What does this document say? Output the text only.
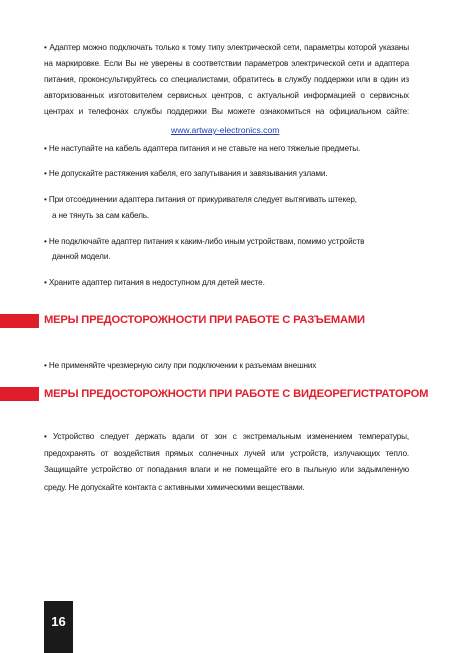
• Адаптер можно подключать только к тому типу электрической сети, параметры которой указаны
на маркировке. Если Вы не уверены в соответствии параметров электрической сети и адаптера
питания, проконсультируйтесь со специалистами, обратитесь в службу поддержки или в один из
авторизованных изготовителем сервисных центров, с актуальной информацией о сервисных
центрах и телефонах службы поддержки Вы можете ознакомиться на официальном сайте:
www.artway-electronics.com
• Не наступайте на кабель адаптера питания и не ставьте на него тяжелые предметы.
• Не допускайте растяжения кабеля, его запутывания и завязывания узлами.
• При отсоединении адаптера питания от прикуривателя следует вытягивать штекер,
а не тянуть за сам кабель.
• Не подключайте адаптер питания к каким-либо иным устройствам, помимо устройств
данной модели.
• Храните адаптер питания в недоступном для детей месте.
МЕРЫ ПРЕДОСТОРОЖНОСТИ ПРИ РАБОТЕ С РАЗЪЕМАМИ
• Не применяйте чрезмерную силу при подключении к разъемам внешних
МЕРЫ ПРЕДОСТОРОЖНОСТИ ПРИ РАБОТЕ С ВИДЕОРЕГИСТРАТОРОМ
• Устройство следует держать вдали от зон с экстремальным изменением температуры,
предохранять от воздействия прямых солнечных лучей или устройств, излучающих тепло.
Защищайте устройство от попадания влаги и не помещайте его в пыльную или задымленную
среду. Не допускайте контакта с активными химическими веществами.
16
